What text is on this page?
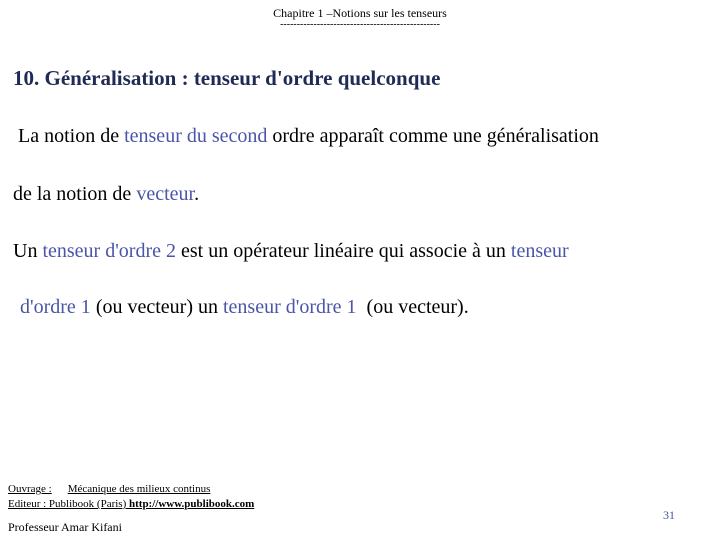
Chapitre 1 –Notions sur les tenseurs
------------------------------------------------
10. Généralisation : tenseur d'ordre quelconque
La notion de tenseur du second ordre apparaît comme une généralisation
de la notion de vecteur.
Un tenseur d'ordre 2 est un opérateur linéaire qui associe à un tenseur
d'ordre 1 (ou vecteur) un tenseur d'ordre 1  (ou vecteur).
Ouvrage : Mécanique des milieux continus
Editeur : Publibook (Paris) http://www.publibook.com
Professeur Amar Kifani
31
